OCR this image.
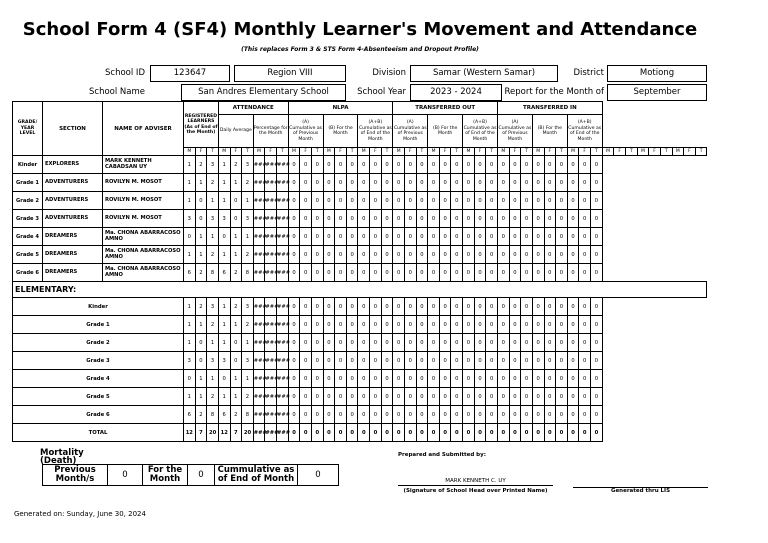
School Form 4 (SF4) Monthly Learner's Movement and Attendance
(This replaces Form 3 & STS Form 4-Absenteeism and Dropout Profile)
School ID	123647	Region VIII	Division	Samar (Western Samar)	District	Motiong
School Name	San Andres Elementary School	School Year	2023 - 2024	Report for the Month of	September
GRADE/ YEAR LEVEL	SECTION	NAME OF ADVISER	REGISTERED LEARNERS (As of End of the Month)			ATTENDANCE						NLPA									TRANSFERRED OUT									TRANSFERRED IN																	
						Daily Average			Percentage for the Month			(A) Cumulative as of Previous Month			(B) For the Month			(A+B) Cumulative as of End of the Month			(A) Cumulative as of Previous Month			(B) For the Month			(A+B) Cumulative as of End of the Month			(A) Cumulative as of Previous Month			(B) For the Month			(A+B) Cumulative as of End of the Month											
			M	F	T	M	F	T	M	F	T	M	F	T	M	F	T	M	F	T	M	F	T	M	F	T	M	F	T	M	F	T	M	F	T	M	F	T	M	F	T	M	F	T	M	F	T
Kinder	EXPLORERS	MARK KENNETH CABADSAN UY	1	2	3	1	2	3	###	###	###	0	0	0	0	0	0	0	0	0	0	0	0	0	0	0	0	0	0	0	0	0	0	0	0	0	0	0									
Grade 1	ADVENTURERS	ROVILYN M. MOSOT	1	1	2	1	1	2	###	###	###	0	0	0	0	0	0	0	0	0	0	0	0	0	0	0	0	0	0	0	0	0	0	0	0	0	0	0									
Grade 2	ADVENTURERS	ROVILYN M. MOSOT	1	0	1	1	0	1	###	###	###	0	0	0	0	0	0	0	0	0	0	0	0	0	0	0	0	0	0	0	0	0	0	0	0	0	0	0									
Grade 3	ADVENTURERS	ROVILYN M. MOSOT	3	0	3	3	0	3	###	###	###	0	0	0	0	0	0	0	0	0	0	0	0	0	0	0	0	0	0	0	0	0	0	0	0	0	0	0									
Grade 4	DREAMERS	Ma. CHONA ABARRACOSO AMNO	0	1	1	0	1	1	###	###	###	0	0	0	0	0	0	0	0	0	0	0	0	0	0	0	0	0	0	0	0	0	0	0	0	0	0	0									
Grade 5	DREAMERS	Ma. CHONA ABARRACOSO AMNO	1	1	2	1	1	2	###	###	###	0	0	0	0	0	0	0	0	0	0	0	0	0	0	0	0	0	0	0	0	0	0	0	0	0	0	0									
Grade 6	DREAMERS	Ma. CHONA ABARRACOSO AMNO	6	2	8	6	2	8	###	###	###	0	0	0	0	0	0	0	0	0	0	0	0	0	0	0	0	0	0	0	0	0	0	0	0	0	0	0									
ELEMENTARY:																																															
Kinder			1	2	3	1	2	3	###	###	###	0	0	0	0	0	0	0	0	0	0	0	0	0	0	0	0	0	0	0	0	0	0	0	0	0	0	0									
Grade 1			1	1	2	1	1	2	###	###	###	0	0	0	0	0	0	0	0	0	0	0	0	0	0	0	0	0	0	0	0	0	0	0	0	0	0	0									
Grade 2			1	0	1	1	0	1	###	###	###	0	0	0	0	0	0	0	0	0	0	0	0	0	0	0	0	0	0	0	0	0	0	0	0	0	0	0									
Grade 3			3	0	3	3	0	3	###	###	###	0	0	0	0	0	0	0	0	0	0	0	0	0	0	0	0	0	0	0	0	0	0	0	0	0	0	0									
Grade 4			0	1	1	0	1	1	###	###	###	0	0	0	0	0	0	0	0	0	0	0	0	0	0	0	0	0	0	0	0	0	0	0	0	0	0	0									
Grade 5			1	1	2	1	1	2	###	###	###	0	0	0	0	0	0	0	0	0	0	0	0	0	0	0	0	0	0	0	0	0	0	0	0	0	0	0									
Grade 6			6	2	8	6	2	8	###	###	###	0	0	0	0	0	0	0	0	0	0	0	0	0	0	0	0	0	0	0	0	0	0	0	0	0	0	0									
TOTAL			12	7	20	12	7	20	###	###	###	0	0	0	0	0	0	0	0	0	0	0	0	0	0	0	0	0	0	0	0	0	0	0	0	0	0	0									
Mortality (Death)
Previous Month/s	0	For the Month	0	Cummulative as of End of Month	0
Prepared and Submitted by:
MARK KENNETH C. UY
(Signature of School Head over Printed Name)	Generated thru LIS
Generated on: Sunday, June 30, 2024
